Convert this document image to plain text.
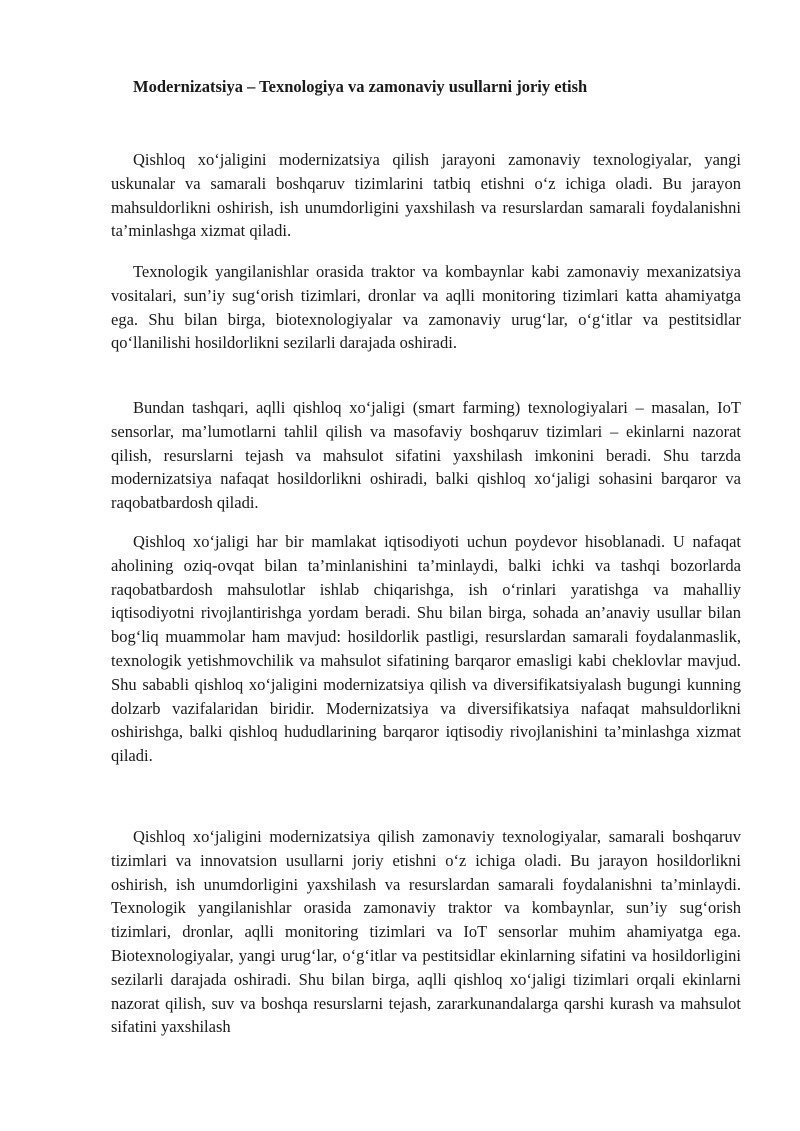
Modernizatsiya – Texnologiya va zamonaviy usullarni joriy etish

Qishloq xo‘jaligini modernizatsiya qilish jarayoni zamonaviy texnologiyalar, yangi uskunalar va samarali boshqaruv tizimlarini tatbiq etishni o‘z ichiga oladi. Bu jarayon mahsuldorlikni oshirish, ish unumdorligini yaxshilash va resurslardan samarali foydalanishni ta’minlashga xizmat qiladi.

Texnologik yangilanishlar orasida traktor va kombaynlar kabi zamonaviy mexanizatsiya vositalari, sun’iy sug‘orish tizimlari, dronlar va aqlli monitoring tizimlari katta ahamiyatga ega. Shu bilan birga, biotexnologiyalar va zamonaviy urug‘lar, o‘g‘itlar va pestitsidlar qo‘llanilishi hosildorlikni sezilarli darajada oshiradi.

Bundan tashqari, aqlli qishloq xo‘jaligi (smart farming) texnologiyalari – masalan, IoT sensorlar, ma’lumotlarni tahlil qilish va masofaviy boshqaruv tizimlari – ekinlarni nazorat qilish, resurslarni tejash va mahsulot sifatini yaxshilash imkonini beradi. Shu tarzda modernizatsiya nafaqat hosildorlikni oshiradi, balki qishloq xo‘jaligi sohasini barqaror va raqobatbardosh qiladi.

Qishloq xo‘jaligi har bir mamlakat iqtisodiyoti uchun poydevor hisoblanadi. U nafaqat aholining oziq-ovqat bilan ta’minlanishini ta’minlaydi, balki ichki va tashqi bozorlarda raqobatbardosh mahsulotlar ishlab chiqarishga, ish o‘rinlari yaratishga va mahalliy iqtisodiyotni rivojlantirishga yordam beradi. Shu bilan birga, sohada an’anaviy usullar bilan bog‘liq muammolar ham mavjud: hosildorlik pastligi, resurslardan samarali foydalanmaslik, texnologik yetishmovchilik va mahsulot sifatining barqaror emasligi kabi cheklovlar mavjud. Shu sababli qishloq xo‘jaligini modernizatsiya qilish va diversifikatsiyalash bugungi kunning dolzarb vazifalaridan biridir. Modernizatsiya va diversifikatsiya nafaqat mahsuldorlikni oshirishga, balki qishloq hududlarining barqaror iqtisodiy rivojlanishini ta’minlashga xizmat qiladi.

Qishloq xo‘jaligini modernizatsiya qilish zamonaviy texnologiyalar, samarali boshqaruv tizimlari va innovatsion usullarni joriy etishni o‘z ichiga oladi. Bu jarayon hosildorlikni oshirish, ish unumdorligini yaxshilash va resurslardan samarali foydalanishni ta’minlaydi. Texnologik yangilanishlar orasida zamonaviy traktor va kombaynlar, sun’iy sug‘orish tizimlari, dronlar, aqlli monitoring tizimlari va IoT sensorlar muhim ahamiyatga ega. Biotexnologiyalar, yangi urug‘lar, o‘g‘itlar va pestitsidlar ekinlarning sifatini va hosildorligini sezilarli darajada oshiradi. Shu bilan birga, aqlli qishloq xo‘jaligi tizimlari orqali ekinlarni nazorat qilish, suv va boshqa resurslarni tejash, zararkunandalarga qarshi kurash va mahsulot sifatini yaxshilash
